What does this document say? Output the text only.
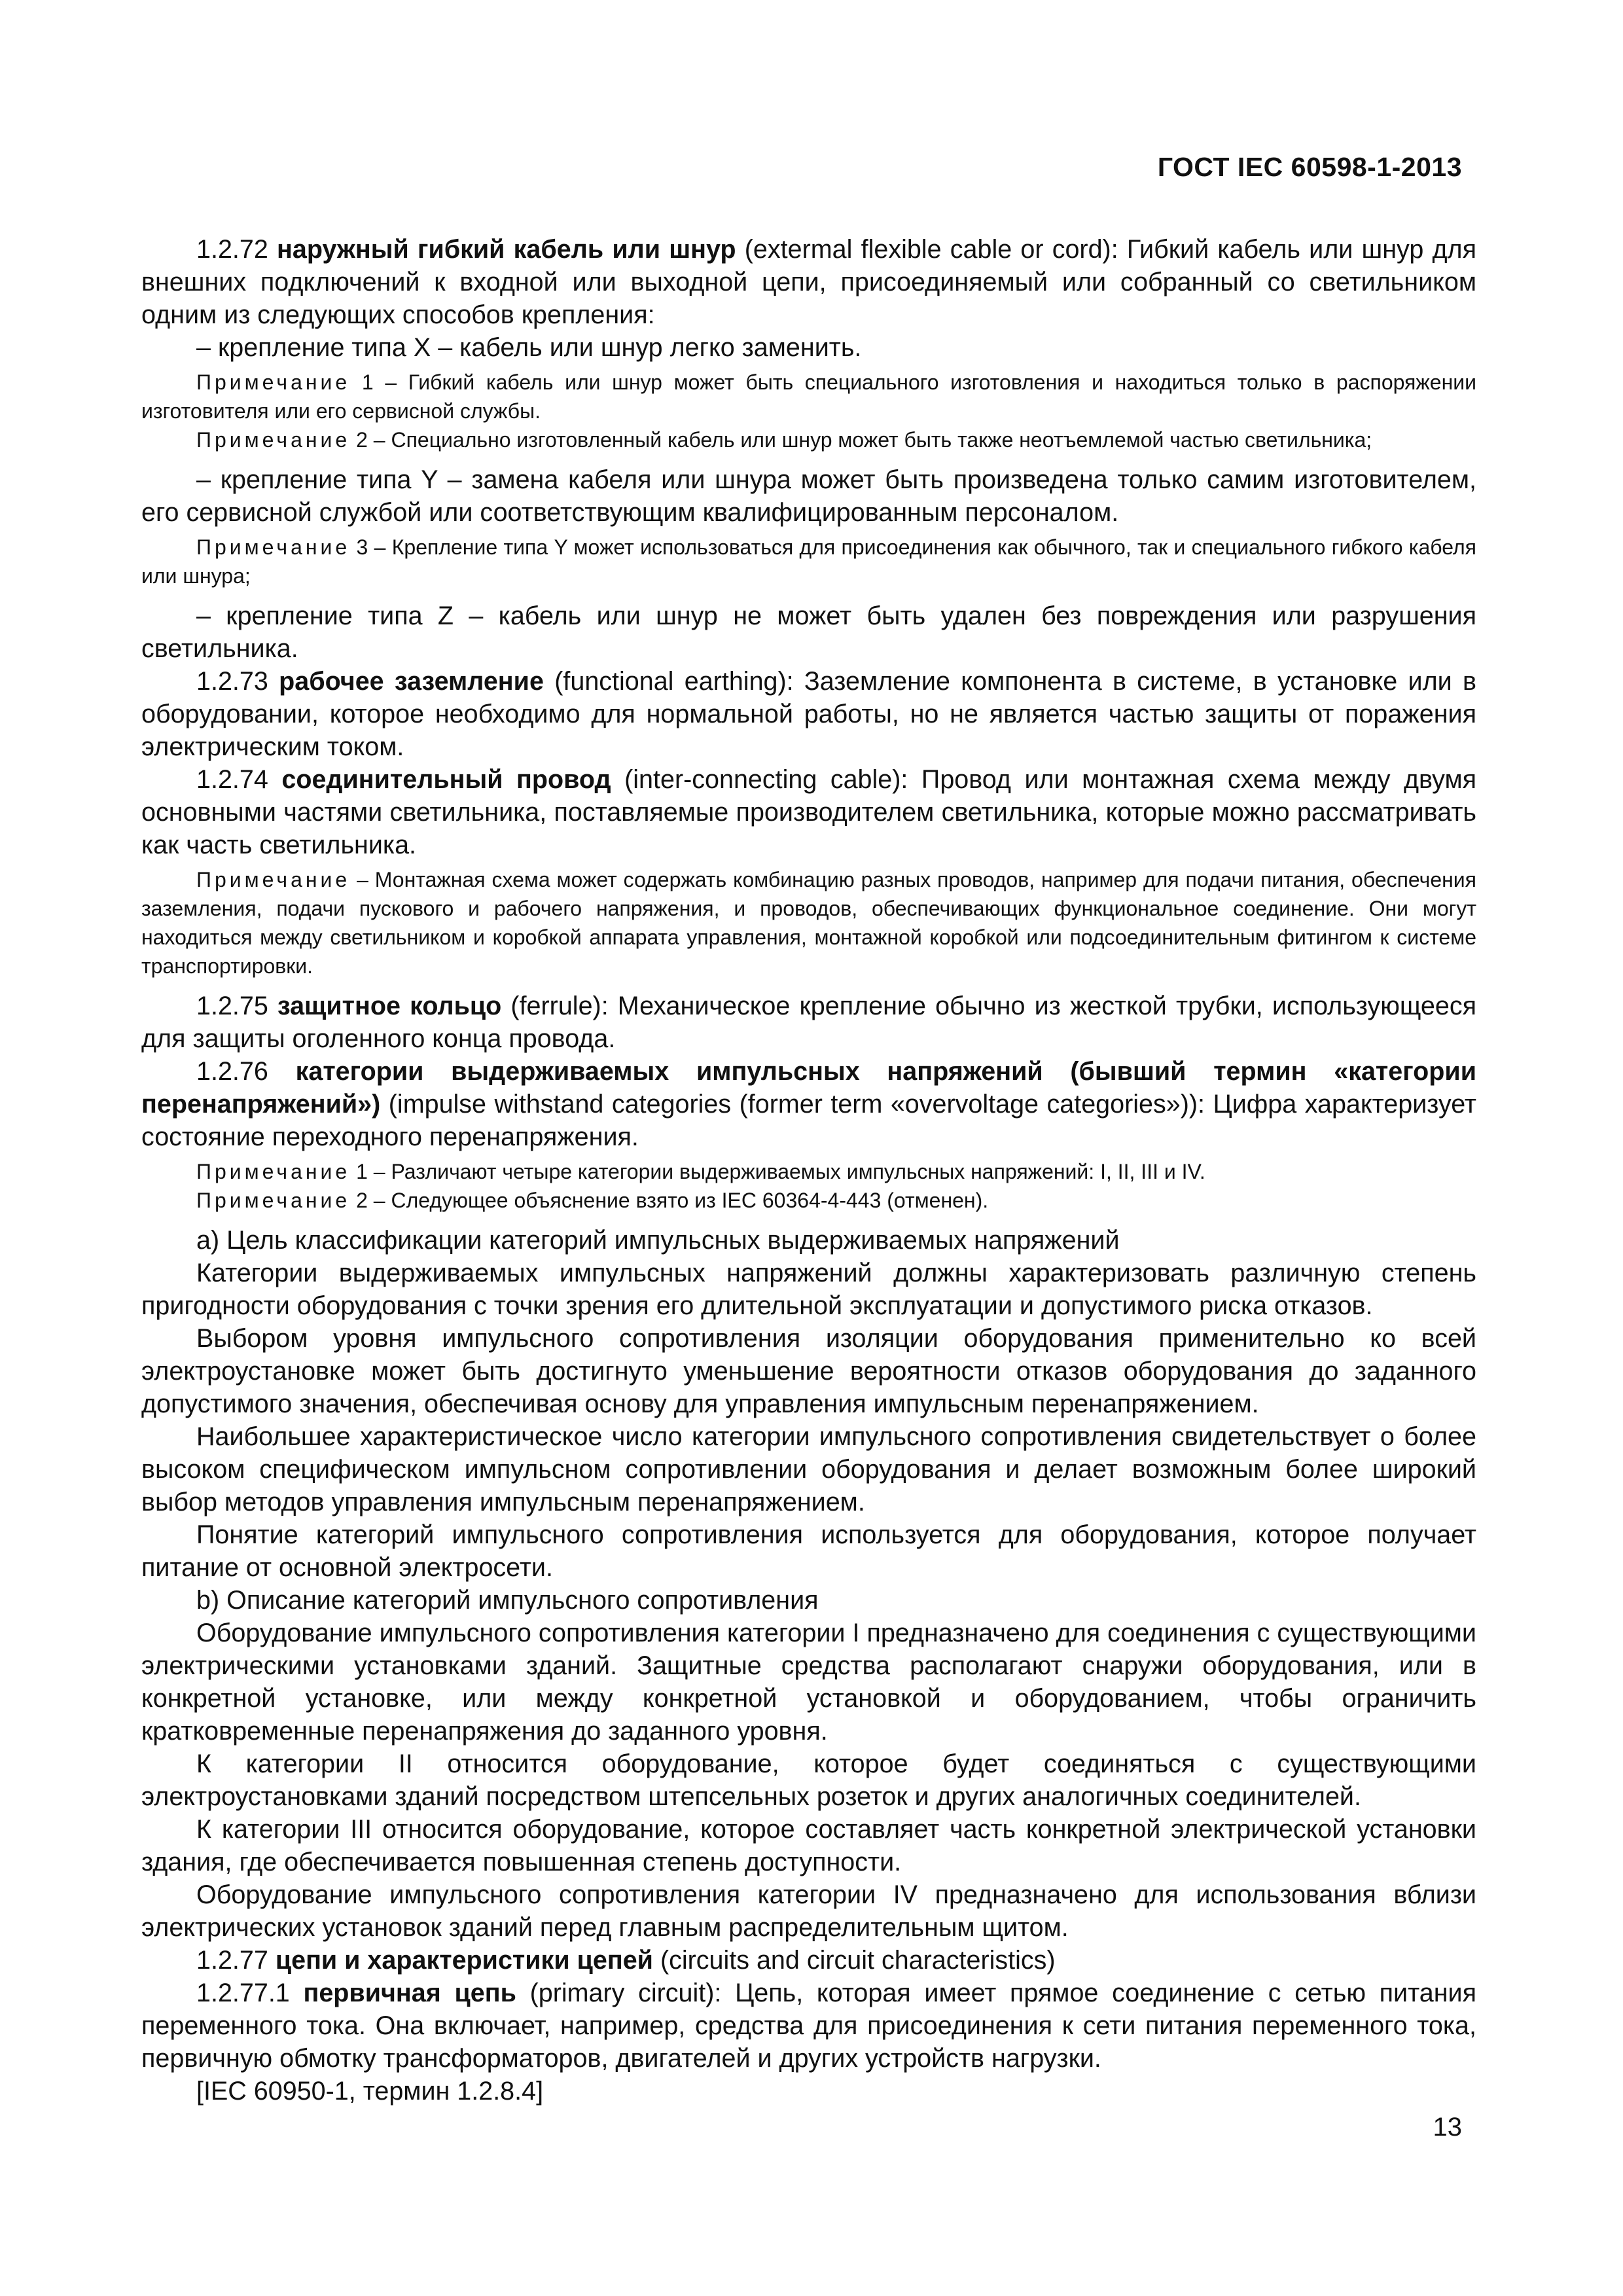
ГОСТ IEC 60598-1-2013

1.2.72 наружный гибкий кабель или шнур (extermal flexible cable or cord): Гибкий кабель или шнур для внешних подключений к входной или выходной цепи, присоединяемый или собранный со светильником одним из следующих способов крепления:

– крепление типа X – кабель или шнур легко заменить.

Примечание 1 – Гибкий кабель или шнур может быть специального изготовления и находиться только в распоряжении изготовителя или его сервисной службы.

Примечание 2 – Специально изготовленный кабель или шнур может быть также неотъемлемой частью светильника;

– крепление типа Y – замена кабеля или шнура может быть произведена только самим изготовителем, его сервисной службой или соответствующим квалифицированным персоналом.

Примечание 3 – Крепление типа Y может использоваться для присоединения как обычного, так и специального гибкого кабеля или шнура;

– крепление типа Z – кабель или шнур не может быть удален без повреждения или разрушения светильника.

1.2.73 рабочее заземление (functional earthing): Заземление компонента в системе, в установке или в оборудовании, которое необходимо для нормальной работы, но не является частью защиты от поражения электрическим током.

1.2.74 соединительный провод (inter-connecting cable): Провод или монтажная схема между двумя основными частями светильника, поставляемые производителем светильника, которые можно рассматривать как часть светильника.

Примечание – Монтажная схема может содержать комбинацию разных проводов, например для подачи питания, обеспечения заземления, подачи пускового и рабочего напряжения, и проводов, обеспечивающих функциональное соединение. Они могут находиться между светильником и коробкой аппарата управления, монтажной коробкой или подсоединительным фитингом к системе транспортировки.

1.2.75 защитное кольцо (ferrule): Механическое крепление обычно из жесткой трубки, использующееся для защиты оголенного конца провода.

1.2.76 категории выдерживаемых импульсных напряжений (бывший термин «категории перенапряжений») (impulse withstand categories (former term «overvoltage categories»)): Цифра характеризует состояние переходного перенапряжения.

Примечание 1 – Различают четыре категории выдерживаемых импульсных напряжений: I, II, III и IV.

Примечание 2 – Следующее объяснение взято из IEC 60364-4-443 (отменен).

a) Цель классификации категорий импульсных выдерживаемых напряжений

Категории выдерживаемых импульсных напряжений должны характеризовать различную степень пригодности оборудования с точки зрения его длительной эксплуатации и допустимого риска отказов.

Выбором уровня импульсного сопротивления изоляции оборудования применительно ко всей электроустановке может быть достигнуто уменьшение вероятности отказов оборудования до заданного допустимого значения, обеспечивая основу для управления импульсным перенапряжением.

Наибольшее характеристическое число категории импульсного сопротивления свидетельствует о более высоком специфическом импульсном сопротивлении оборудования и делает возможным более широкий выбор методов управления импульсным перенапряжением.

Понятие категорий импульсного сопротивления используется для оборудования, которое получает питание от основной электросети.

b) Описание категорий импульсного сопротивления

Оборудование импульсного сопротивления категории I предназначено для соединения с существующими электрическими установками зданий. Защитные средства располагают снаружи оборудования, или в конкретной установке, или между конкретной установкой и оборудованием, чтобы ограничить кратковременные перенапряжения до заданного уровня.

К категории II относится оборудование, которое будет соединяться с существующими электроустановками зданий посредством штепсельных розеток и других аналогичных соединителей.

К категории III относится оборудование, которое составляет часть конкретной электрической установки здания, где обеспечивается повышенная степень доступности.

Оборудование импульсного сопротивления категории IV предназначено для использования вблизи электрических установок зданий перед главным распределительным щитом.

1.2.77 цепи и характеристики цепей (circuits and circuit characteristics)

1.2.77.1 первичная цепь (primary circuit): Цепь, которая имеет прямое соединение с сетью питания переменного тока. Она включает, например, средства для присоединения к сети питания переменного тока, первичную обмотку трансформаторов, двигателей и других устройств нагрузки.

[IEC 60950-1, термин 1.2.8.4]

13
